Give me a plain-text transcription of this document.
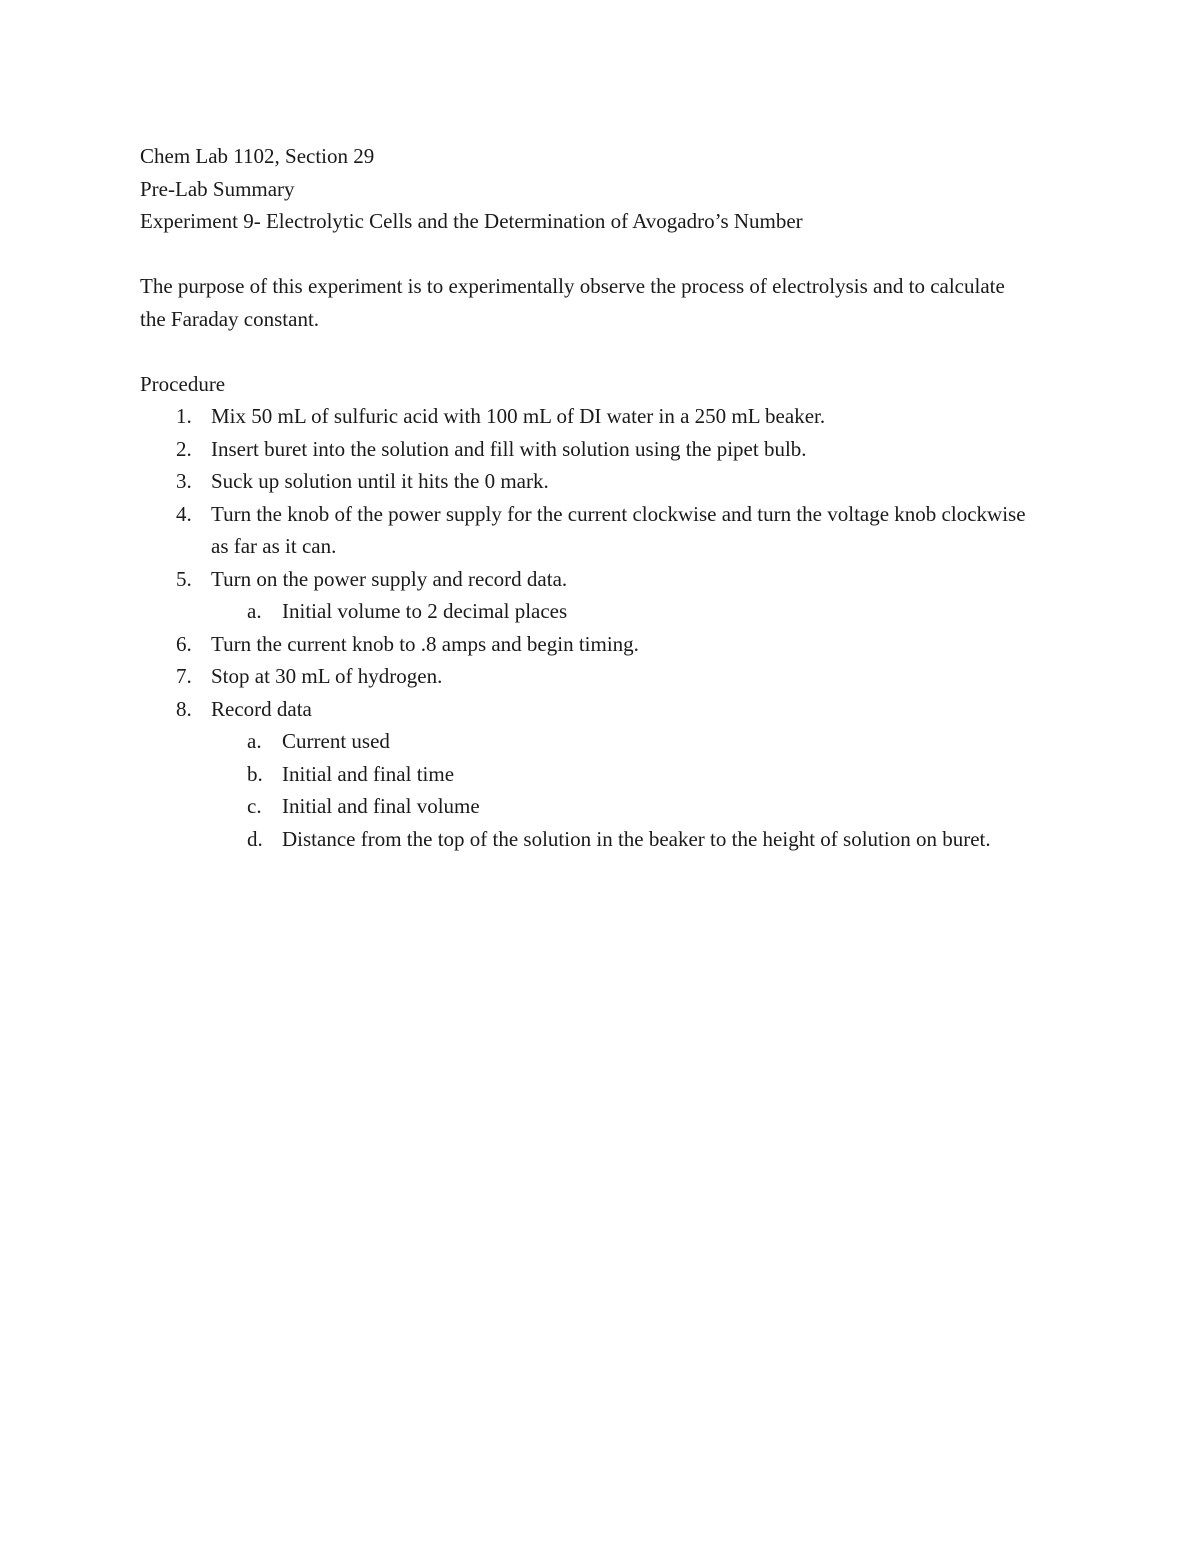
Chem Lab 1102, Section 29

Pre-Lab Summary

Experiment 9- Electrolytic Cells and the Determination of Avogadro’s Number

The purpose of this experiment is to experimentally observe the process of electrolysis and to calculate the Faraday constant.

Procedure

1. Mix 50 mL of sulfuric acid with 100 mL of DI water in a 250 mL beaker.
2. Insert buret into the solution and fill with solution using the pipet bulb.
3. Suck up solution until it hits the 0 mark.
4. Turn the knob of the power supply for the current clockwise and turn the voltage knob clockwise as far as it can.
5. Turn on the power supply and record data.
a. Initial volume to 2 decimal places
6. Turn the current knob to .8 amps and begin timing.
7. Stop at 30 mL of hydrogen.
8. Record data
a. Current used
b. Initial and final time
c. Initial and final volume
d. Distance from the top of the solution in the beaker to the height of solution on buret.
